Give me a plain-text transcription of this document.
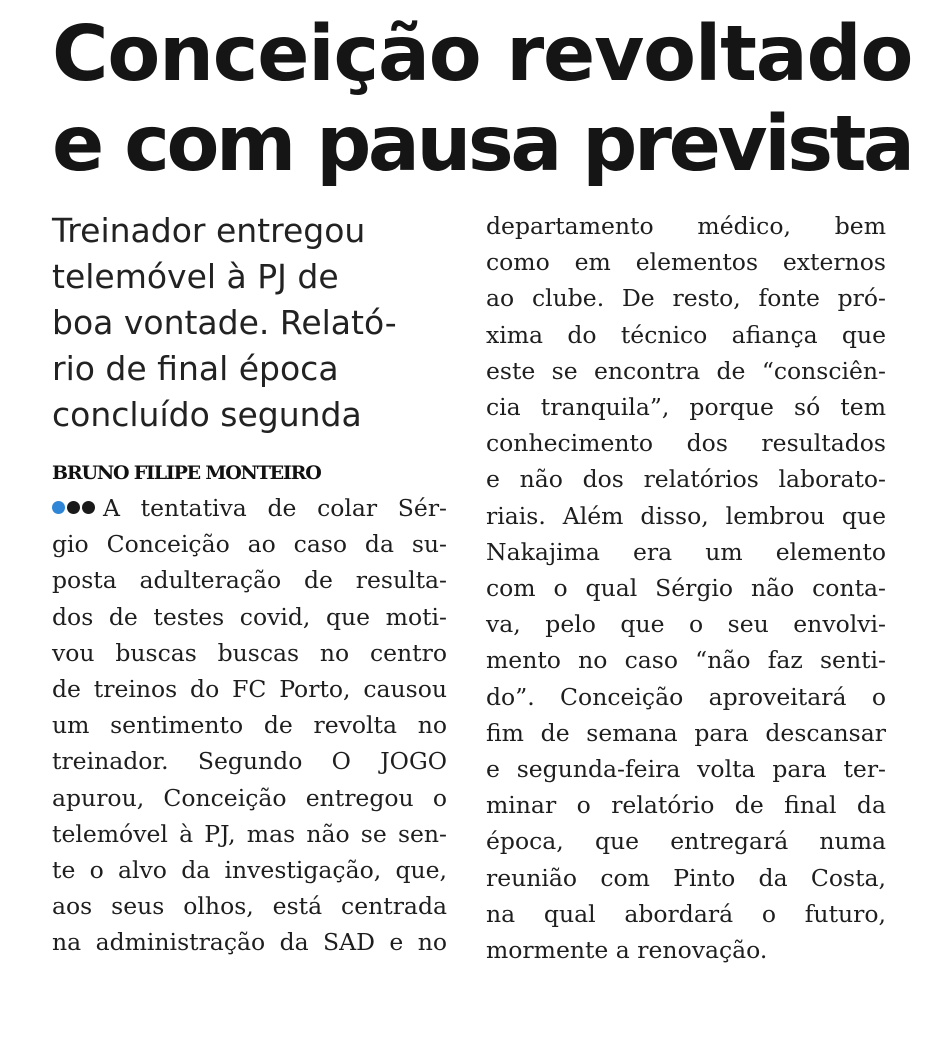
Conceição revoltado
e com pausa prevista
Treinador entregou
telemóvel à PJ de
boa vontade. Relató-
rio de final época
concluído segunda
BRUNO FILIPE MONTEIRO
A tentativa de colar Sér-
gio Conceição ao caso da su-
posta adulteração de resulta-
dos de testes covid, que moti-
vou buscas buscas no centro
de treinos do FC Porto, causou
um sentimento de revolta no
treinador. Segundo O JOGO
apurou, Conceição entregou o
telemóvel à PJ, mas não se sen-
te o alvo da investigação, que,
aos seus olhos, está centrada
na administração da SAD e no
departamento médico, bem
como em elementos externos
ao clube. De resto, fonte pró-
xima do técnico afiança que
este se encontra de “consciên-
cia tranquila”, porque só tem
conhecimento dos resultados
e não dos relatórios laborato-
riais. Além disso, lembrou que
Nakajima era um elemento
com o qual Sérgio não conta-
va, pelo que o seu envolvi-
mento no caso “não faz senti-
do”. Conceição aproveitará o
fim de semana para descansar
e segunda-feira volta para ter-
minar o relatório de final da
época, que entregará numa
reunião com Pinto da Costa,
na qual abordará o futuro,
mormente a renovação.
